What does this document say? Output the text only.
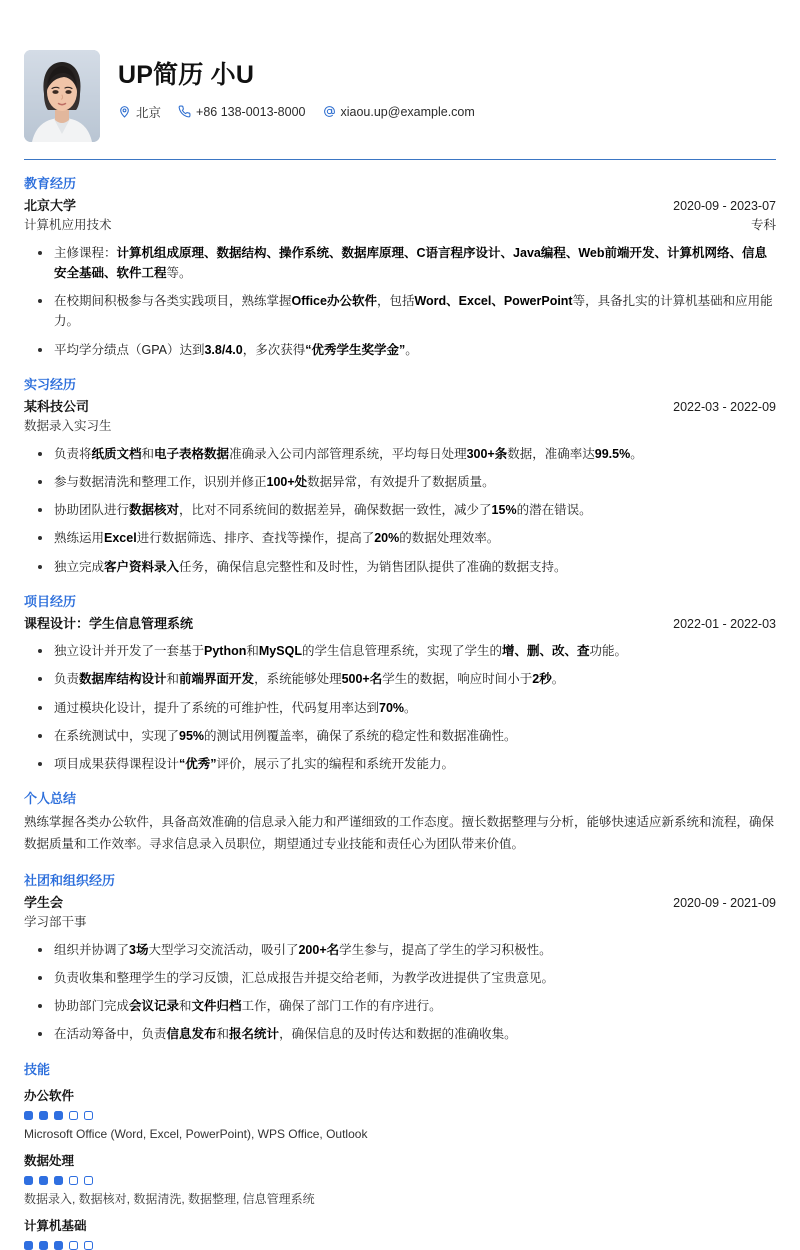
UP简历 小U
北京	+86 138-0013-8000	xiaou.up@example.com
教育经历
北京大学	2020-09 - 2023-07
计算机应用技术	专科
主修课程：计算机组成原理、数据结构、操作系统、数据库原理、C语言程序设计、Java编程、Web前端开发、计算机网络、信息安全基础、软件工程等。
在校期间积极参与各类实践项目，熟练掌握Office办公软件，包括Word、Excel、PowerPoint等，具备扎实的计算机基础和应用能力。
平均学分绩点（GPA）达到3.8/4.0，多次获得“优秀学生奖学金”。
实习经历
某科技公司	2022-03 - 2022-09
数据录入实习生
负责将纸质文档和电子表格数据准确录入公司内部管理系统，平均每日处理300+条数据，准确率达99.5%。
参与数据清洗和整理工作，识别并修正100+处数据异常，有效提升了数据质量。
协助团队进行数据核对，比对不同系统间的数据差异，确保数据一致性，减少了15%的潜在错误。
熟练运用Excel进行数据筛选、排序、查找等操作，提高了20%的数据处理效率。
独立完成客户资料录入任务，确保信息完整性和及时性，为销售团队提供了准确的数据支持。
项目经历
课程设计：学生信息管理系统	2022-01 - 2022-03
独立设计并开发了一套基于Python和MySQL的学生信息管理系统，实现了学生的增、删、改、查功能。
负责数据库结构设计和前端界面开发，系统能够处理500+名学生的数据，响应时间小于2秒。
通过模块化设计，提升了系统的可维护性，代码复用率达到70%。
在系统测试中，实现了95%的测试用例覆盖率，确保了系统的稳定性和数据准确性。
项目成果获得课程设计“优秀”评价，展示了扎实的编程和系统开发能力。
个人总结
熟练掌握各类办公软件，具备高效准确的信息录入能力和严谨细致的工作态度。擅长数据整理与分析，能够快速适应新系统和流程，确保数据质量和工作效率。寻求信息录入员职位，期望通过专业技能和责任心为团队带来价值。
社团和组织经历
学生会	2020-09 - 2021-09
学习部干事
组织并协调了3场大型学习交流活动，吸引了200+名学生参与，提高了学生的学习积极性。
负责收集和整理学生的学习反馈，汇总成报告并提交给老师，为教学改进提供了宝贵意见。
协助部门完成会议记录和文件归档工作，确保了部门工作的有序进行。
在活动筹备中，负责信息发布和报名统计，确保信息的及时传达和数据的准确收集。
技能
办公软件
Microsoft Office (Word, Excel, PowerPoint), WPS Office, Outlook
数据处理
数据录入, 数据核对, 数据清洗, 数据整理, 信息管理系统
计算机基础
